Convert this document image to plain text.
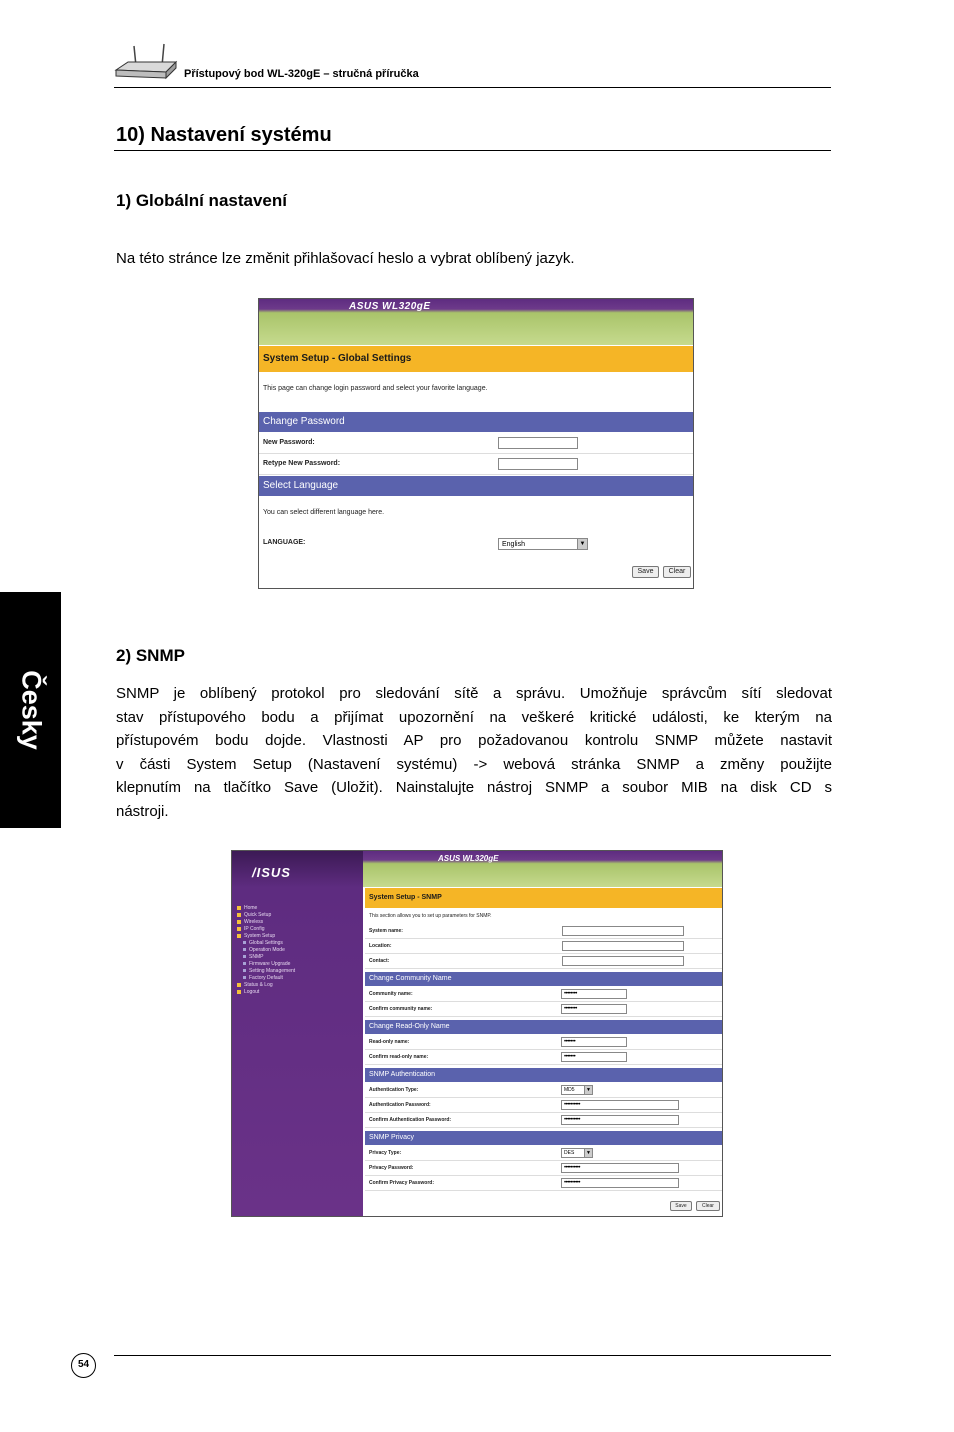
Přístupový bod WL-320gE – stručná příručka
10) Nastavení systému
1) Globální nastavení
Na této stránce lze změnit přihlašovací heslo a vybrat oblíbený jazyk.
ASUS WL320gE
System Setup - Global Settings
This page can change login password and select your favorite language.
Change Password
New Password:
Retype New Password:
Select Language
You can select different language here.
LANGUAGE:	English	▼
Save	Clear
Česky
2) SNMP
SNMP je oblíbený protokol pro sledování sítě a správu. Umožňuje správcům sítí sledovat
stav přístupového bodu a přijímat upozornění na veškeré kritické události, ke kterým na
přístupovém bodu dojde. Vlastnosti AP pro požadovanou kontrolu SNMP můžete nastavit
v části System Setup (Nastavení systému) -> webová stránka SNMP a změny použijte
klepnutím na tlačítko Save (Uložit). Nainstalujte nástroj SNMP a soubor MIB na disk CD s
nástroji.
/ISUS
Home
Quick Setup
Wireless
IP Config
System Setup
Global Settings
Operation Mode
SNMP
Firmware Upgrade
Setting Management
Factory Default
Status & Log
Logout
ASUS WL320gE
System Setup - SNMP
This section allows you to set up parameters for SNMP.
System name:
Location:
Contact:
Change Community Name
Community name:	••••••••
Confirm community name:	••••••••
Change Read-Only Name
Read-only name:	•••••••
Confirm read-only name:	•••••••
SNMP Authentication
Authentication Type:	MD5	▼
Authentication Password:	••••••••••
Confirm Authentication Password:	••••••••••
SNMP Privacy
Privacy Type:	DES	▼
Privacy Password:	••••••••••
Confirm Privacy Password:	••••••••••
Save	Clear
54
